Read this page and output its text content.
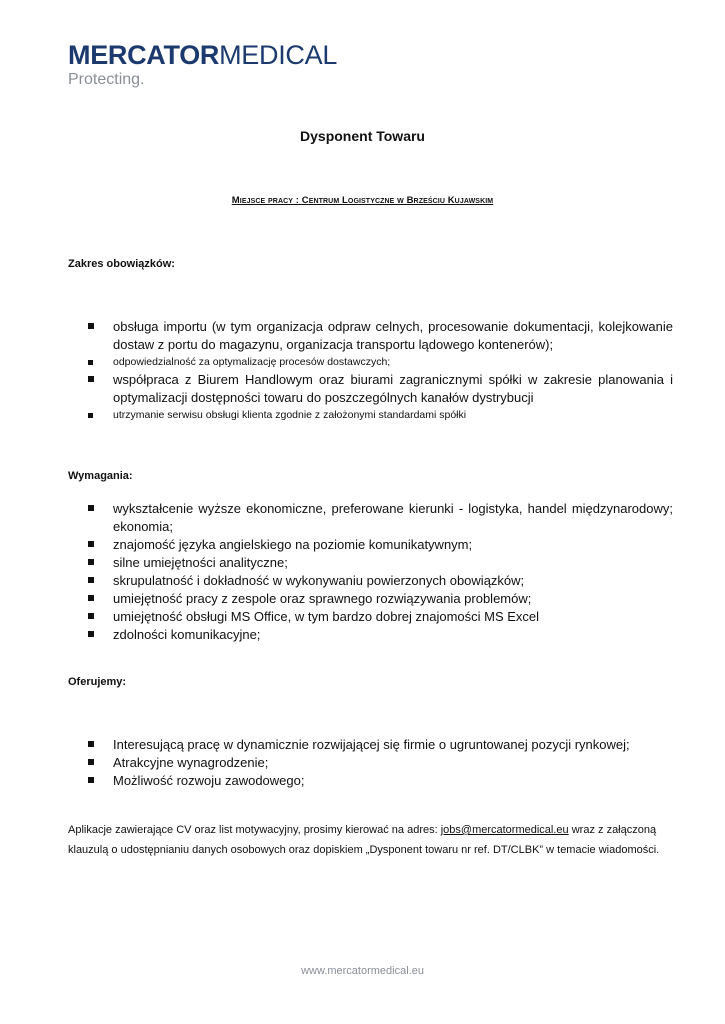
MERCATORMEDICAL
Protecting.
Dysponent Towaru
Miejsce pracy : Centrum Logistyczne w Brześciu Kujawskim
Zakres obowiązków:
obsługa importu (w tym organizacja odpraw celnych, procesowanie dokumentacji, kolejkowanie dostaw z portu do magazynu, organizacja transportu lądowego kontenerów);
odpowiedzialność za optymalizację procesów dostawczych;
współpraca z Biurem Handlowym oraz biurami zagranicznymi spółki w zakresie planowania i optymalizacji dostępności towaru do poszczególnych kanałów dystrybucji
utrzymanie serwisu obsługi klienta zgodnie z założonymi standardami spółki
Wymagania:
wykształcenie wyższe ekonomiczne, preferowane kierunki - logistyka, handel międzynarodowy; ekonomia;
znajomość języka angielskiego na poziomie komunikatywnym;
silne umiejętności analityczne;
skrupulatność i dokładność w wykonywaniu powierzonych obowiązków;
umiejętność pracy z zespole oraz sprawnego rozwiązywania problemów;
umiejętność obsługi MS Office, w tym bardzo dobrej znajomości MS Excel
zdolności komunikacyjne;
Oferujemy:
Interesującą pracę w dynamicznie rozwijającej się firmie o ugruntowanej pozycji rynkowej;
Atrakcyjne wynagrodzenie;
Możliwość rozwoju zawodowego;
Aplikacje zawierające CV oraz list motywacyjny, prosimy kierować na adres: jobs@mercatormedical.eu wraz z załączoną klauzulą o udostępnianiu danych osobowych oraz dopiskiem „Dysponent towaru nr ref. DT/CLBK” w temacie wiadomości.
www.mercatormedical.eu
